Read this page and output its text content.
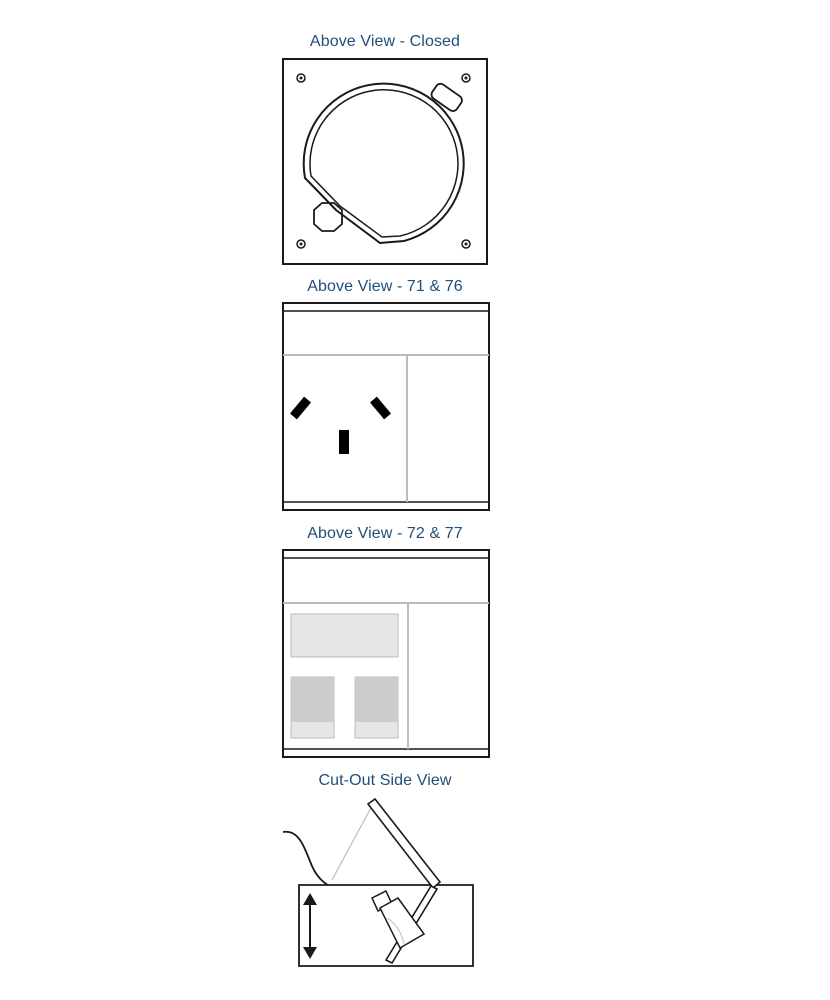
Above View - Closed
Above View - 71 & 76
Above View - 72 & 77
Cut-Out Side View
